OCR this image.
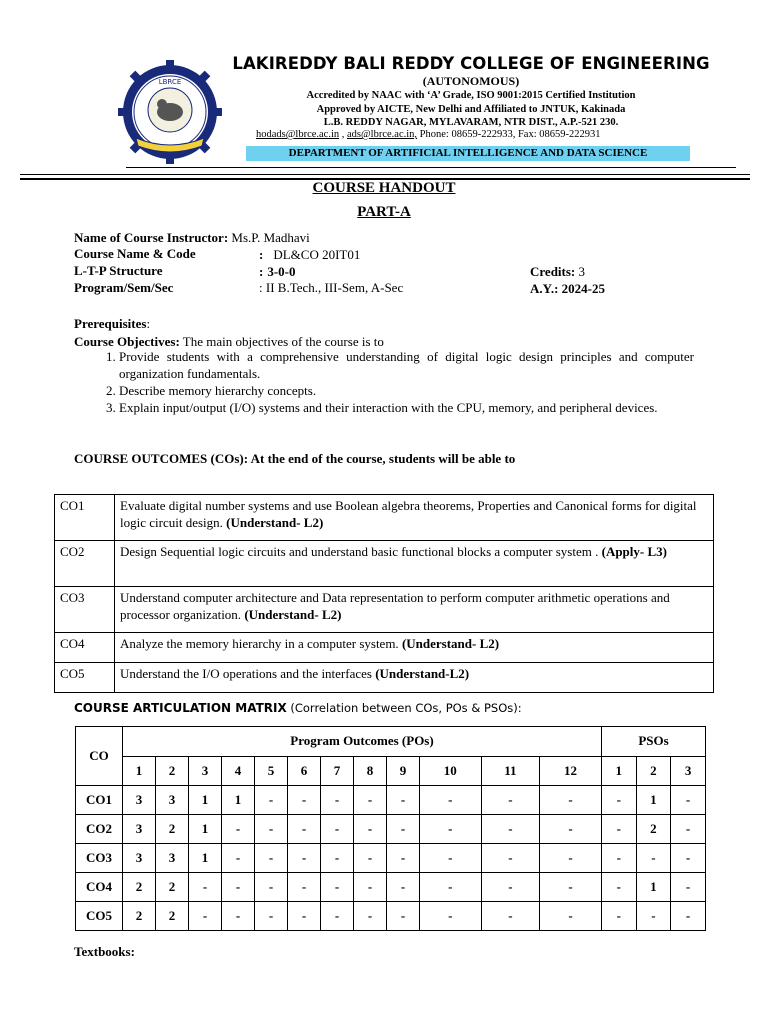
LBRCE
LAKIREDDY BALI REDDY COLLEGE OF ENGINEERING
(AUTONOMOUS)
Accredited by NAAC with ‘A’ Grade, ISO 9001:2015 Certified Institution
Approved by AICTE, New Delhi and Affiliated to JNTUK, Kakinada
L.B. REDDY NAGAR, MYLAVARAM, NTR DIST., A.P.-521 230.
hodads@lbrce.ac.in , ads@lbrce.ac.in, Phone: 08659-222933, Fax: 08659-222931
DEPARTMENT OF ARTIFICIAL INTELLIGENCE AND DATA SCIENCE
COURSE HANDOUT
PART-A
Name of Course Instructor: Ms.P. Madhavi
Course Name & Code	: DL&CO 20IT01
L-T-P Structure	: 3-0-0	Credits: 3
Program/Sem/Sec	: II B.Tech., III-Sem, A-Sec	A.Y.: 2024-25
Prerequisites:
Course Objectives: The main objectives of the course is to
1. Provide students with a comprehensive understanding of digital logic design principles and computer organization fundamentals.
2. Describe memory hierarchy concepts.
3. Explain input/output (I/O) systems and their interaction with the CPU, memory, and peripheral devices.
COURSE OUTCOMES (COs): At the end of the course, students will be able to
CO1	Evaluate digital number systems and use Boolean algebra theorems, Properties and Canonical forms for digital logic circuit design. (Understand- L2)
CO2	Design Sequential logic circuits and understand basic functional blocks a computer system . (Apply- L3)
CO3	Understand computer architecture and Data representation to perform computer arithmetic operations and processor organization. (Understand- L2)
CO4	Analyze the memory hierarchy in a computer system. (Understand- L2)
CO5	Understand the I/O operations and the interfaces (Understand-L2)
COURSE ARTICULATION MATRIX (Correlation between COs, POs & PSOs):
CO	Program Outcomes (POs)												PSOs		
	1	2	3	4	5	6	7	8	9	10	11	12	1	2	3
CO1	3	3	1	1	-	-	-	-	-	-	-	-	-	1	-
CO2	3	2	1	-	-	-	-	-	-	-	-	-	-	2	-
CO3	3	3	1	-	-	-	-	-	-	-	-	-	-	-	-
CO4	2	2	-	-	-	-	-	-	-	-	-	-	-	1	-
CO5	2	2	-	-	-	-	-	-	-	-	-	-	-	-	-
Textbooks:
